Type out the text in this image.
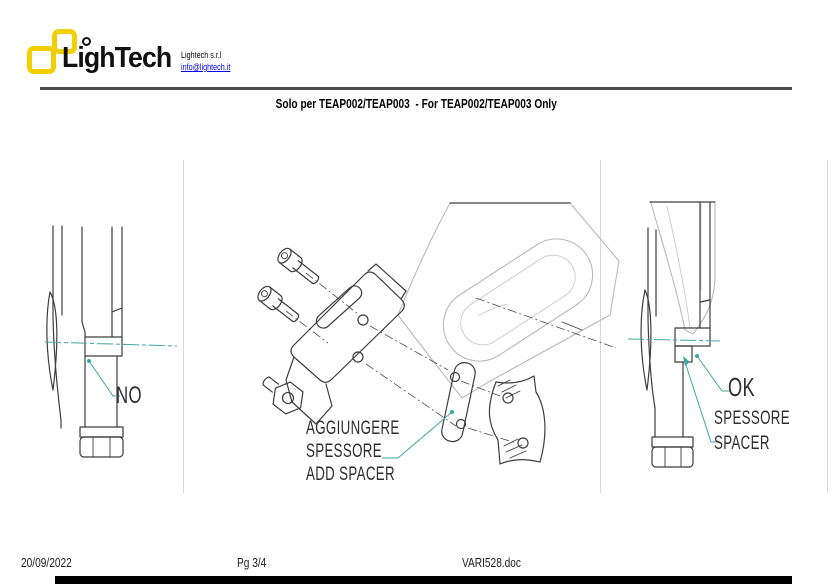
LighTech Lightech s.r.l
info@lightech.it
Solo per TEAP002/TEAP003  - For TEAP002/TEAP003 Only
NO
AGGIUNGERE
SPESSORE
ADD SPACER
OK
SPESSORE
SPACER
20/09/2022	Pg 3/4	VARI528.doc
